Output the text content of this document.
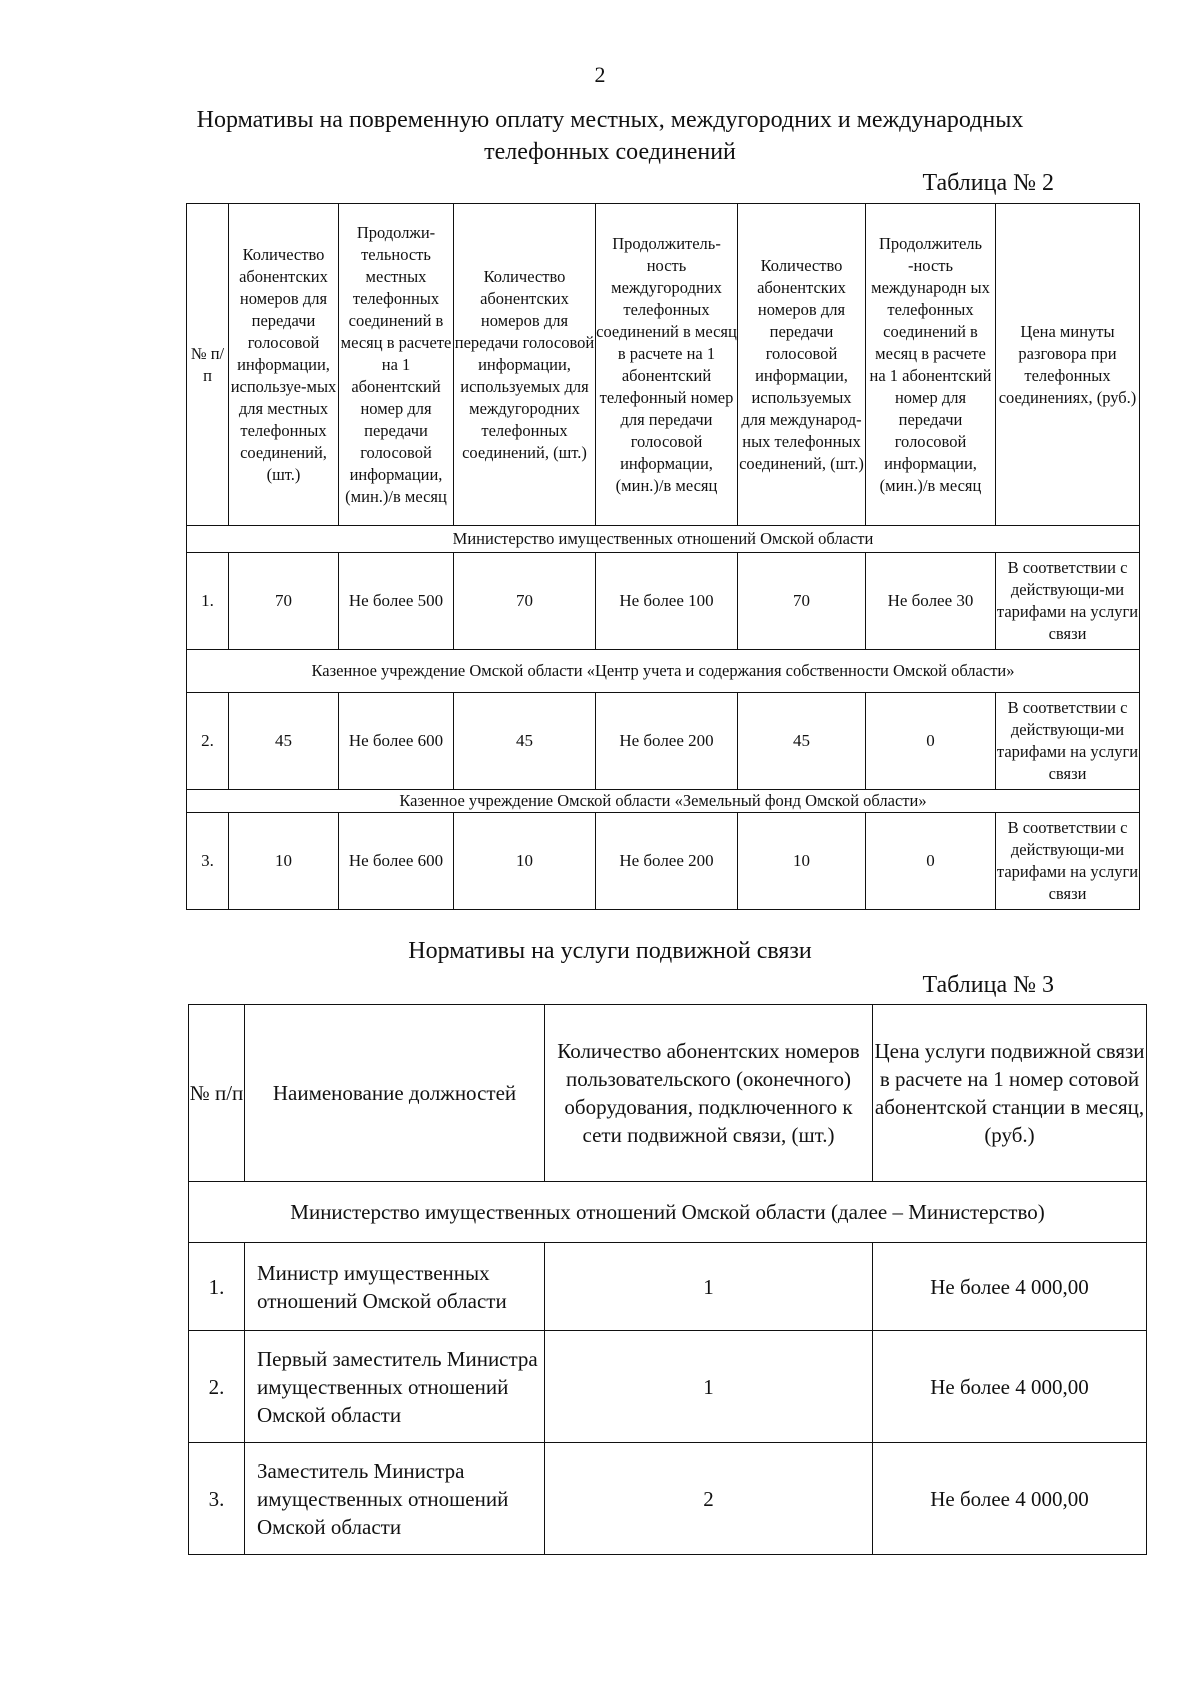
2
Нормативы на повременную оплату местных, междугородних и международных телефонных соединений
Таблица № 2
№ п/п	Количество абонентских номеров для передачи голосовой информации, используе-мых для местных телефонных соединений, (шт.)	Продолжи-тельность местных телефонных соединений в месяц в расчете на 1 абонентский номер для передачи голосовой информации, (мин.)/в месяц	Количество абонентских номеров для передачи голосовой информации, используемых для междугородних телефонных соединений, (шт.)	Продолжитель-ность междугородних телефонных соединений в месяц в расчете на 1 абонентский телефонный номер для передачи голосовой информации, (мин.)/в месяц	Количество абонентских номеров для передачи голосовой информации, используемых для международ-ных телефонных соединений, (шт.)	Продолжитель -ность международн ых телефонных соединений в месяц в расчете на 1 абонентский номер для передачи голосовой информации, (мин.)/в месяц	Цена минуты разговора при телефонных соединениях, (руб.)
Министерство имущественных отношений Омской области							
1.	70	Не более 500	70	Не более 100	70	Не более 30	В соответствии с действующи-ми тарифами на услуги связи
Казенное учреждение Омской области «Центр учета и содержания собственности Омской области»							
2.	45	Не более 600	45	Не более 200	45	0	В соответствии с действующи-ми тарифами на услуги связи
Казенное учреждение Омской области «Земельный фонд Омской области»							
3.	10	Не более 600	10	Не более 200	10	0	В соответствии с действующи-ми тарифами на услуги связи
Нормативы на услуги подвижной связи
Таблица № 3
№ п/п	Наименование должностей	Количество абонентских номеров пользовательского (оконечного) оборудования, подключенного к сети подвижной связи, (шт.)	Цена услуги подвижной связи в расчете на 1 номер сотовой абонентской станции в месяц, (руб.)
Министерство имущественных отношений Омской области (далее – Министерство)			
1.	Министр имущественных отношений Омской области	1	Не более 4 000,00
2.	Первый заместитель Министра имущественных отношений Омской области	1	Не более 4 000,00
3.	Заместитель Министра имущественных отношений Омской области	2	Не более 4 000,00
